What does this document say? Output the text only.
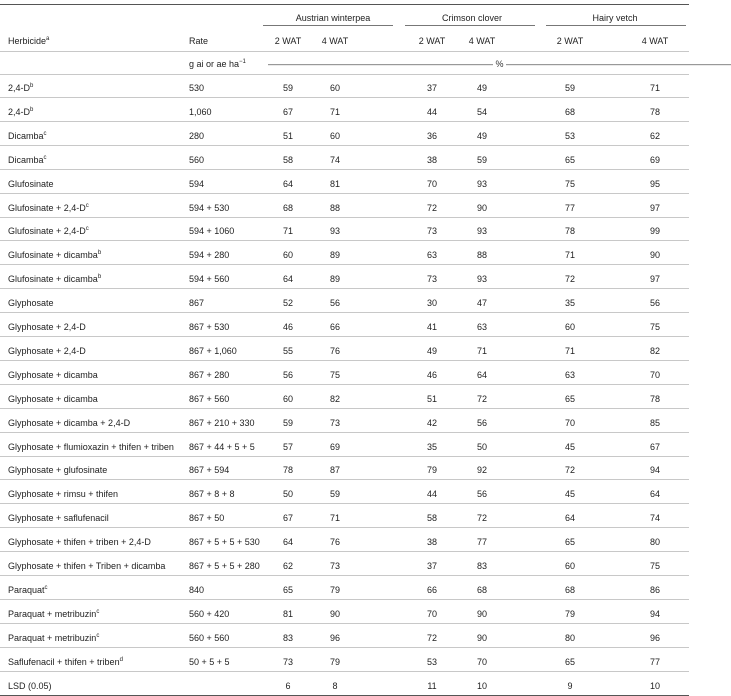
Austrian winterpea	Crimson clover	Hairy vetch
Herbicide$^a$	Rate	2 WAT	4 WAT	2 WAT	4 WAT	2 WAT	4 WAT
g ai or ae $ha^{-1}$ ————————————————————————— % —————————————————————————
$2,4-D^b$	530	59	60	37	49	59	71
$2,4-D^b$	1,060	67	71	44	54	68	78
Dicamba$^c$	280	51	60	36	49	53	62
Dicamba$^c$	560	58	74	38	59	65	69
Glufosinate	594	64	81	70	93	75	95
Glufosinate + $2,4-D^c$	594 + 530	68	88	72	90	77	97
Glufosinate + $2,4-D^c$	594 + 1060	71	93	73	93	78	99
Glufosinate + dicamba$^b$	594 + 280	60	89	63	88	71	90
Glufosinate + dicamba$^b$	594 + 560	64	89	73	93	72	97
Glyphosate	867	52	56	30	47	35	56
Glyphosate + 2,4-D	867 + 530	46	66	41	63	60	75
Glyphosate + 2,4-D	867 + 1,060	55	76	49	71	71	82
Glyphosate + dicamba	867 + 280	56	75	46	64	63	70
Glyphosate + dicamba	867 + 560	60	82	51	72	65	78
Glyphosate + dicamba + 2,4-D	867 + 210 + 330	59	73	42	56	70	85
Glyphosate + flumioxazin + thifen + triben 867 + 44 + 5 + 5	57	69	35	50	45	67
Glyphosate + glufosinate	867 + 594	78	87	79	92	72	94
Glyphosate + rimsu + thifen	867 + 8 + 8	50	59	44	56	45	64
Glyphosate + saflufenacil	867 + 50	67	71	58	72	64	74
Glyphosate + thifen + triben + 2,4-D	867 + 5 + 5 + 530	64	76	38	77	65	80
Glyphosate + thifen + Triben + dicamba	867 + 5 + 5 + 280	62	73	37	83	60	75
Paraquat$^c$	840	65	79	66	68	68	86
Paraquat + metribuzin$^c$	560 + 420	81	90	70	90	79	94
Paraquat + metribuzin$^c$	560 + 560	83	96	72	90	80	96
Saflufenacil + thifen + triben$^d$	50 + 5 + 5	73	79	53	70	65	77
LSD (0.05)	6	8	11	10	9	10
